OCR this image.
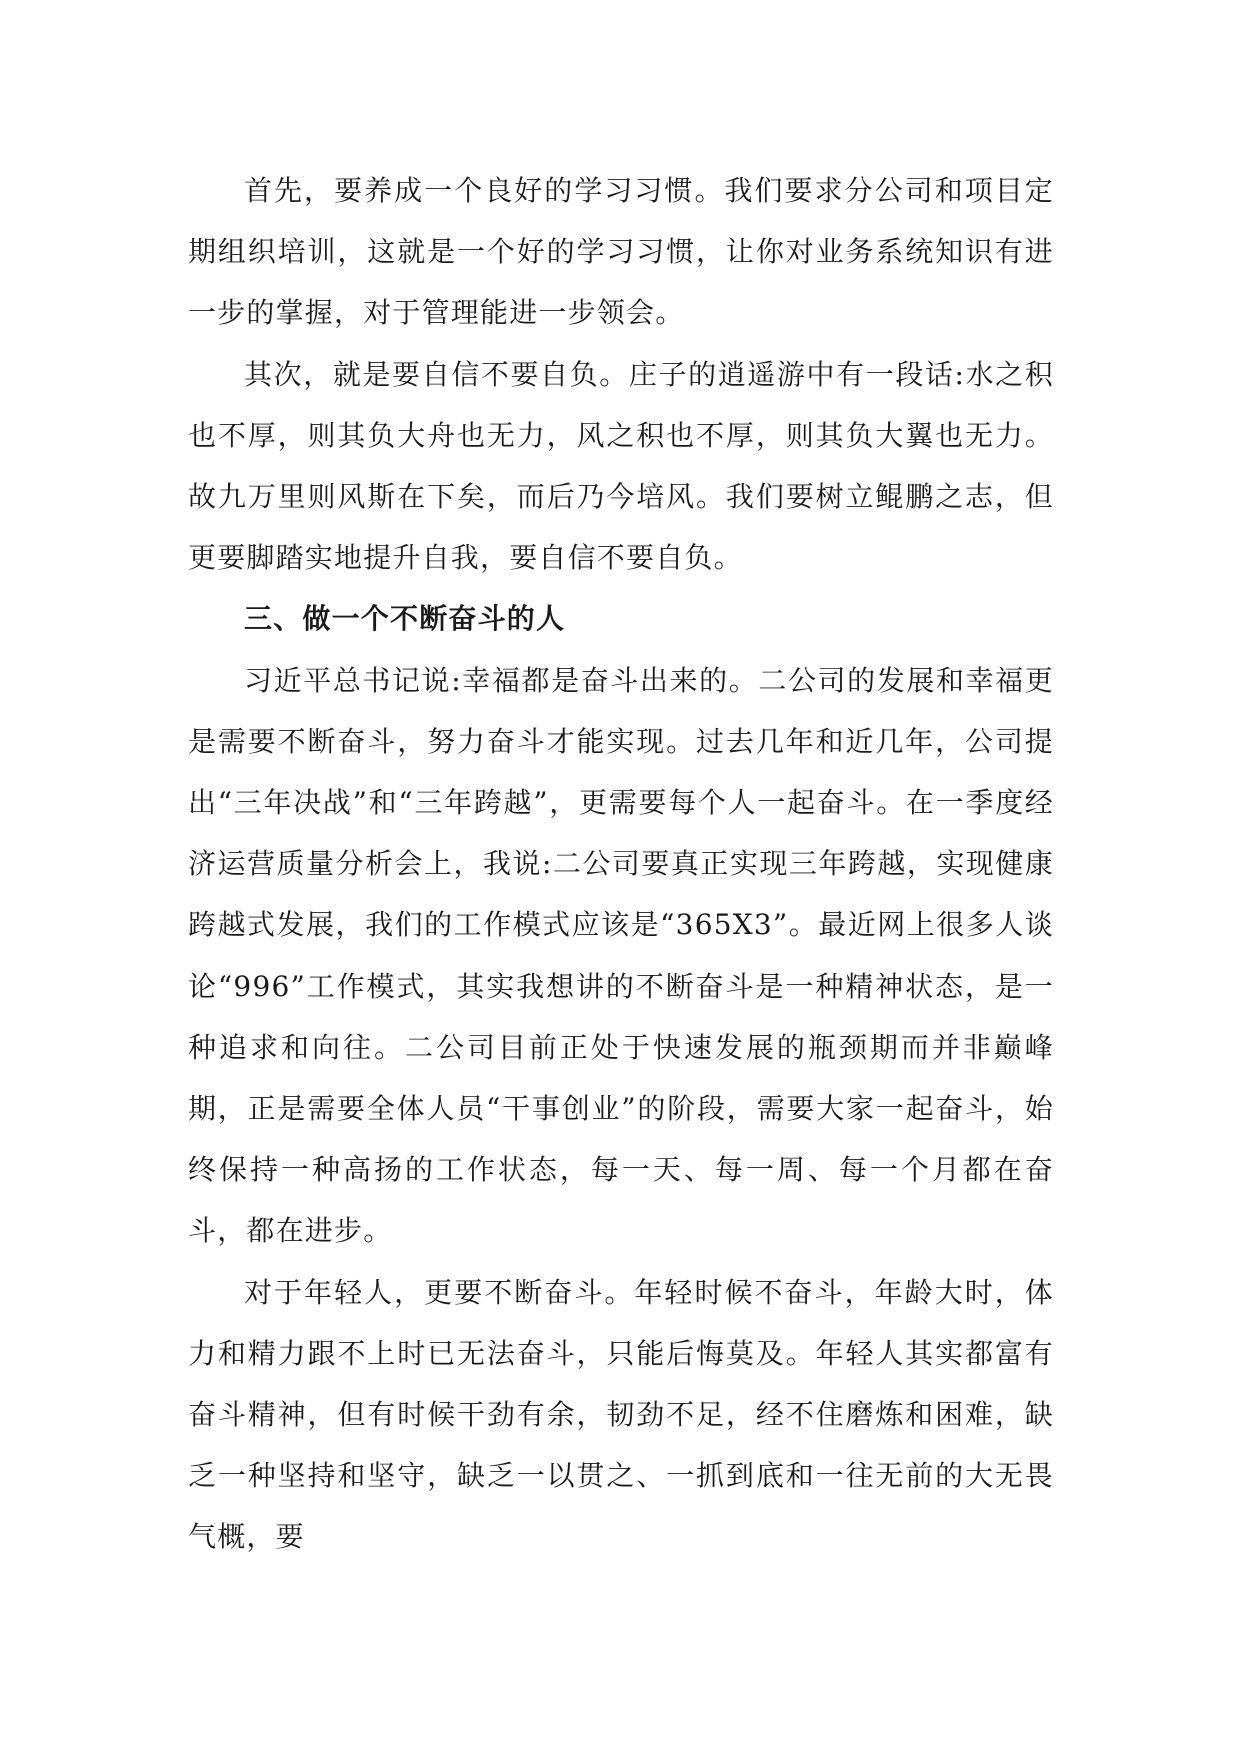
首先，要养成一个良好的学习习惯。我们要求分公司和项目定期组织培训，这就是一个好的学习习惯，让你对业务系统知识有进一步的掌握，对于管理能进一步领会。

其次，就是要自信不要自负。庄子的逍遥游中有一段话:水之积也不厚，则其负大舟也无力，风之积也不厚，则其负大翼也无力。故九万里则风斯在下矣，而后乃今培风。我们要树立鲲鹏之志，但更要脚踏实地提升自我，要自信不要自负。

三、做一个不断奋斗的人

习近平总书记说:幸福都是奋斗出来的。二公司的发展和幸福更是需要不断奋斗，努力奋斗才能实现。过去几年和近几年，公司提出“三年决战”和“三年跨越”，更需要每个人一起奋斗。在一季度经济运营质量分析会上，我说:二公司要真正实现三年跨越，实现健康跨越式发展，我们的工作模式应该是“365X3”。最近网上很多人谈论“996”工作模式，其实我想讲的不断奋斗是一种精神状态，是一种追求和向往。二公司目前正处于快速发展的瓶颈期而并非巅峰期，正是需要全体人员“干事创业”的阶段，需要大家一起奋斗，始终保持一种高扬的工作状态，每一天、每一周、每一个月都在奋斗，都在进步。

对于年轻人，更要不断奋斗。年轻时候不奋斗，年龄大时，体力和精力跟不上时已无法奋斗，只能后悔莫及。年轻人其实都富有奋斗精神，但有时候干劲有余，韧劲不足，经不住磨炼和困难，缺乏一种坚持和坚守，缺乏一以贯之、一抓到底和一往无前的大无畏气概，要
